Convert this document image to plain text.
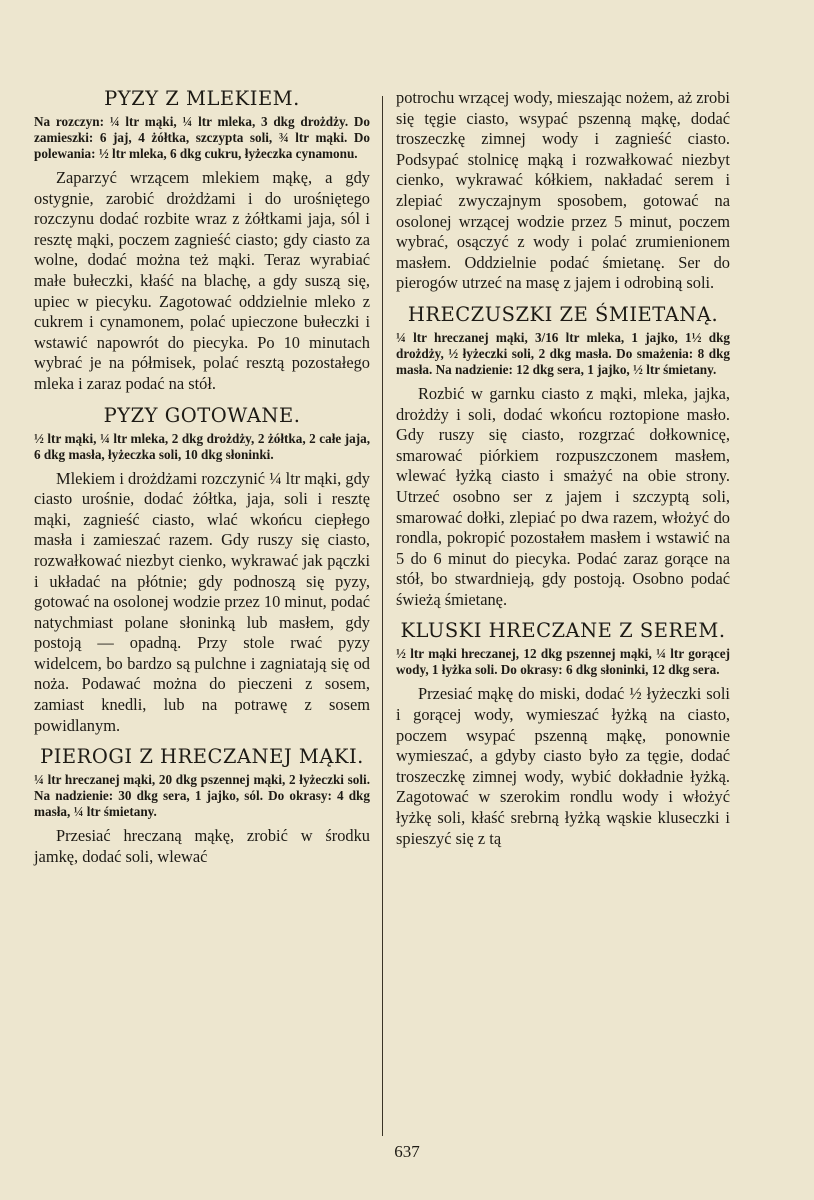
PYZY Z MLEKIEM.

Na rozczyn: ¼ ltr mąki, ¼ ltr mleka, 3 dkg drożdży. Do zamieszki: 6 jaj, 4 żółtka, szczypta soli, ¾ ltr mąki. Do polewania: ½ ltr mleka, 6 dkg cukru, łyżeczka cynamonu.

Zaparzyć wrzącem mlekiem mąkę, a gdy ostygnie, zarobić drożdżami i do urośniętego rozczynu dodać rozbite wraz z żółtkami jaja, sól i resztę mąki, poczem zagnieść ciasto; gdy ciasto za wolne, dodać można też mąki. Teraz wyrabiać małe bułeczki, kłaść na blachę, a gdy suszą się, upiec w piecyku. Zagotować oddzielnie mleko z cukrem i cynamonem, polać upieczone bułeczki i wstawić napowrót do piecyka. Po 10 minutach wybrać je na półmisek, polać resztą pozostałego mleka i zaraz podać na stół.

PYZY GOTOWANE.

½ ltr mąki, ¼ ltr mleka, 2 dkg drożdży, 2 żółtka, 2 całe jaja, 6 dkg masła, łyżeczka soli, 10 dkg słoninki.

Mlekiem i drożdżami rozczynić ¼ ltr mąki, gdy ciasto urośnie, dodać żółtka, jaja, soli i resztę mąki, zagnieść ciasto, wlać wkońcu ciepłego masła i zamieszać razem. Gdy ruszy się ciasto, rozwałkować niezbyt cienko, wykrawać jak pączki i układać na płótnie; gdy podnoszą się pyzy, gotować na osolonej wodzie przez 10 minut, podać natychmiast polane słoninką lub masłem, gdy postoją — opadną. Przy stole rwać pyzy widelcem, bo bardzo są pulchne i zagniatają się od noża. Podawać można do pieczeni z sosem, zamiast knedli, lub na potrawę z sosem powidlanym.

PIEROGI Z HRECZANEJ MĄKI.

¼ ltr hreczanej mąki, 20 dkg pszennej mąki, 2 łyżeczki soli. Na nadzienie: 30 dkg sera, 1 jajko, sól. Do okrasy: 4 dkg masła, ¼ ltr śmietany.

Przesiać hreczaną mąkę, zrobić w środku jamkę, dodać soli, wlewać

potrochu wrzącej wody, mieszając nożem, aż zrobi się tęgie ciasto, wsypać pszenną mąkę, dodać troszeczkę zimnej wody i zagnieść ciasto. Podsypać stolnicę mąką i rozwałkować niezbyt cienko, wykrawać kółkiem, nakładać serem i zlepiać zwyczajnym sposobem, gotować na osolonej wrzącej wodzie przez 5 minut, poczem wybrać, osączyć z wody i polać zrumienionem masłem. Oddzielnie podać śmietanę. Ser do pierogów utrzeć na masę z jajem i odrobiną soli.

HRECZUSZKI ZE ŚMIETANĄ.

¼ ltr hreczanej mąki, 3/16 ltr mleka, 1 jajko, 1½ dkg drożdży, ½ łyżeczki soli, 2 dkg masła. Do smażenia: 8 dkg masła. Na nadzienie: 12 dkg sera, 1 jajko, ½ ltr śmietany.

Rozbić w garnku ciasto z mąki, mleka, jajka, drożdży i soli, dodać wkońcu roztopione masło. Gdy ruszy się ciasto, rozgrzać dołkownicę, smarować piórkiem rozpuszczonem masłem, wlewać łyżką ciasto i smażyć na obie strony. Utrzeć osobno ser z jajem i szczyptą soli, smarować dołki, zlepiać po dwa razem, włożyć do rondla, pokropić pozostałem masłem i wstawić na 5 do 6 minut do piecyka. Podać zaraz gorące na stół, bo stwardnieją, gdy postoją. Osobno podać świeżą śmietanę.

KLUSKI HRECZANE Z SEREM.

½ ltr mąki hreczanej, 12 dkg pszennej mąki, ¼ ltr gorącej wody, 1 łyżka soli. Do okrasy: 6 dkg słoninki, 12 dkg sera.

Przesiać mąkę do miski, dodać ½ łyżeczki soli i gorącej wody, wymieszać łyżką na ciasto, poczem wsypać pszenną mąkę, ponownie wymieszać, a gdyby ciasto było za tęgie, dodać troszeczkę zimnej wody, wybić dokładnie łyżką. Zagotować w szerokim rondlu wody i włożyć łyżkę soli, kłaść srebrną łyżką wąskie kluseczki i spieszyć się z tą

637
